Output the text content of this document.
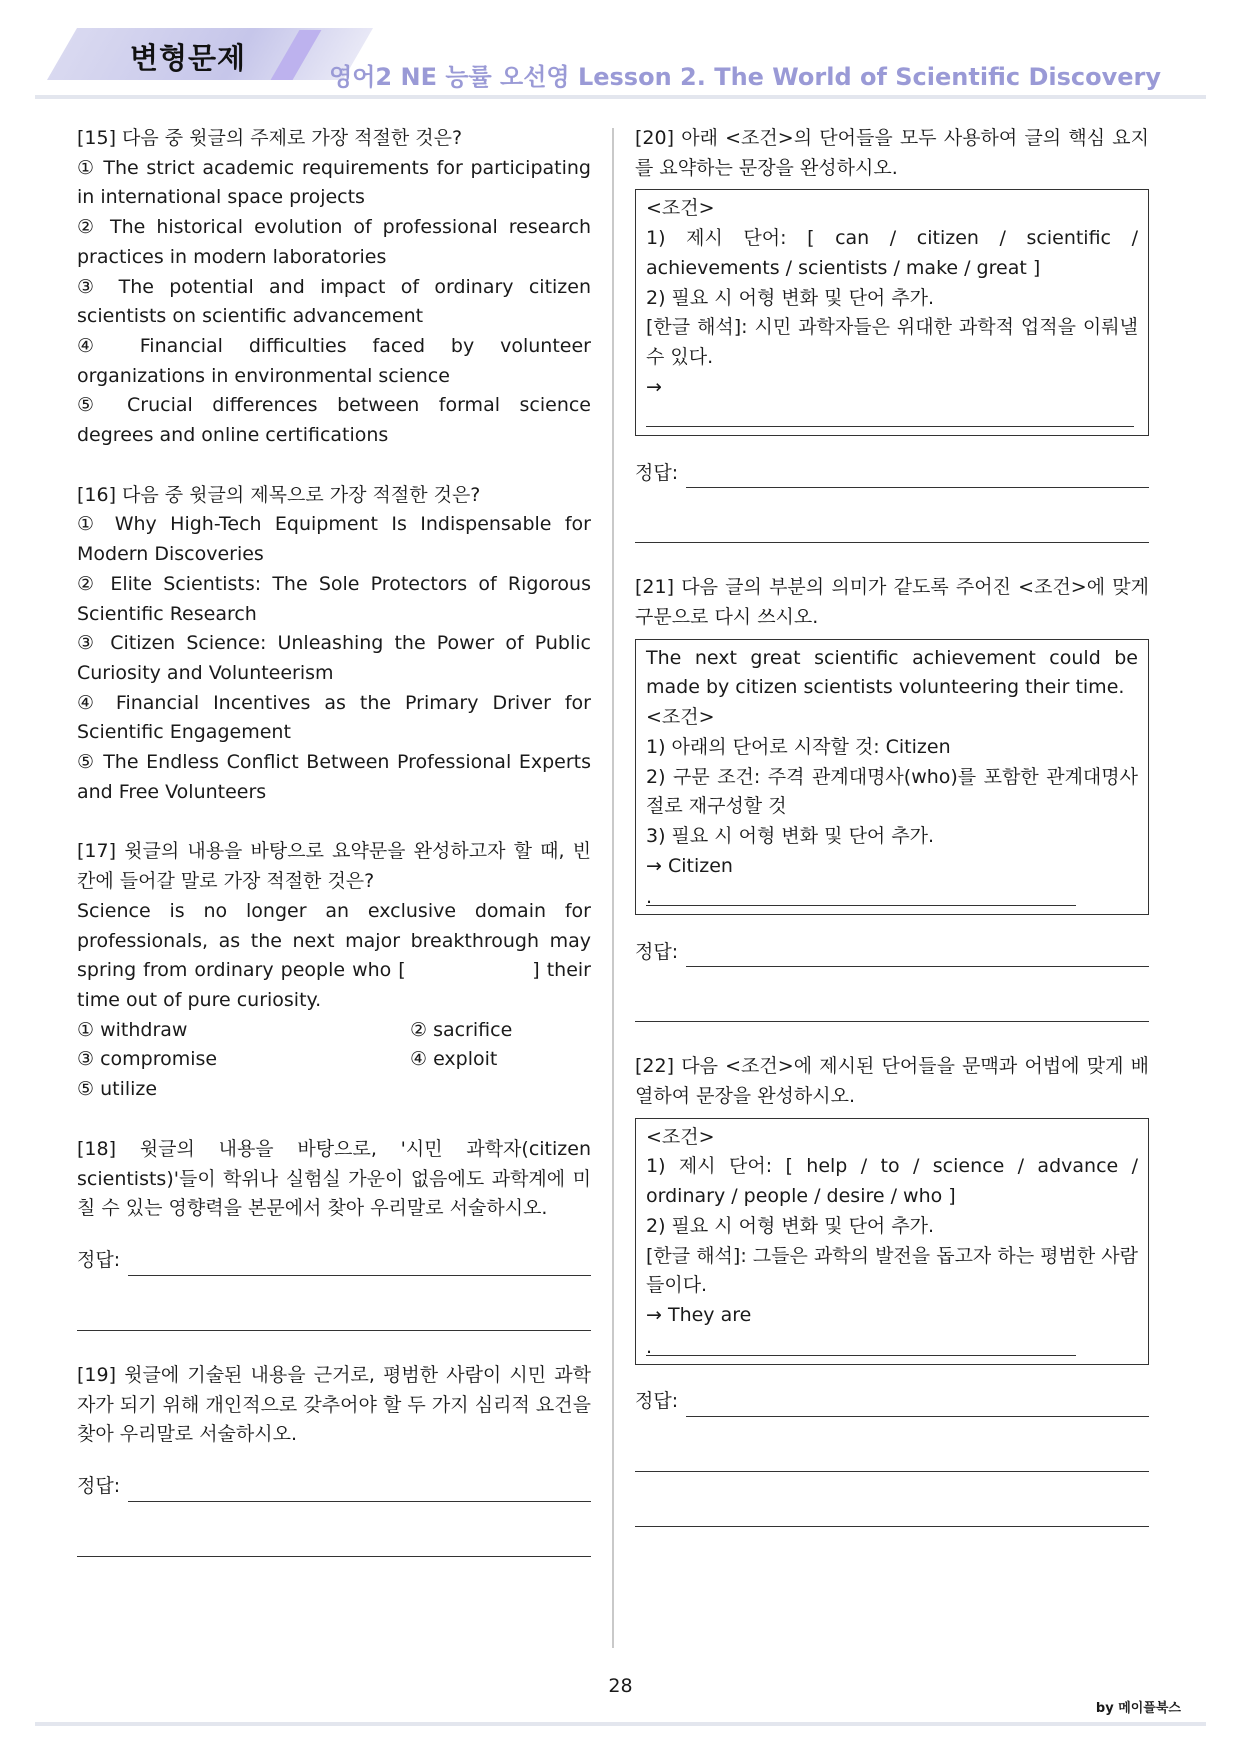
변형문제
영어2 NE 능률 오선영 Lesson 2. The World of Scientific Discovery
[15] 다음 중 윗글의 주제로 가장 적절한 것은?
① The strict academic requirements for participating in international space projects
② The historical evolution of professional research practices in modern laboratories
③ The potential and impact of ordinary citizen scientists on scientific advancement
④ Financial difficulties faced by volunteer organizations in environmental science
⑤ Crucial differences between formal science degrees and online certifications
[16] 다음 중 윗글의 제목으로 가장 적절한 것은?
① Why High-Tech Equipment Is Indispensable for Modern Discoveries
② Elite Scientists: The Sole Protectors of Rigorous Scientific Research
③ Citizen Science: Unleashing the Power of Public Curiosity and Volunteerism
④ Financial Incentives as the Primary Driver for Scientific Engagement
⑤ The Endless Conflict Between Professional Experts and Free Volunteers
[17] 윗글의 내용을 바탕으로 요약문을 완성하고자 할 때, 빈칸에 들어갈 말로 가장 적절한 것은?
Science is no longer an exclusive domain for professionals, as the next major breakthrough may spring from ordinary people who [                  ] their time out of pure curiosity.
① withdraw	② sacrifice
③ compromise	④ exploit
⑤ utilize
[18] 윗글의 내용을 바탕으로, '시민 과학자(citizen scientists)'들이 학위나 실험실 가운이 없음에도 과학계에 미칠 수 있는 영향력을 본문에서 찾아 우리말로 서술하시오.
정답:
[19] 윗글에 기술된 내용을 근거로, 평범한 사람이 시민 과학자가 되기 위해 개인적으로 갖추어야 할 두 가지 심리적 요건을 찾아 우리말로 서술하시오.
정답:
[20] 아래 <조건>의 단어들을 모두 사용하여 글의 핵심 요지를 요약하는 문장을 완성하시오.
<조건>
1) 제시 단어: [ can / citizen / scientific / achievements / scientists / make / great ]
2) 필요 시 어형 변화 및 단어 추가.
[한글 해석]: 시민 과학자들은 위대한 과학적 업적을 이뤄낼 수 있다.
→
정답:
[21] 다음 글의 부분의 의미가 같도록 주어진 <조건>에 맞게 구문으로 다시 쓰시오.
The next great scientific achievement could be made by citizen scientists volunteering their time.
<조건>
1) 아래의 단어로 시작할 것: Citizen
2) 구문 조건: 주격 관계대명사(who)를 포함한 관계대명사절로 재구성할 것
3) 필요 시 어형 변화 및 단어 추가.
→ Citizen
.
정답:
[22] 다음 <조건>에 제시된 단어들을 문맥과 어법에 맞게 배열하여 문장을 완성하시오.
<조건>
1) 제시 단어: [ help / to / science / advance / ordinary / people / desire / who ]
2) 필요 시 어형 변화 및 단어 추가.
[한글 해석]: 그들은 과학의 발전을 돕고자 하는 평범한 사람들이다.
→ They are
.
정답:
28
by 메이플북스
